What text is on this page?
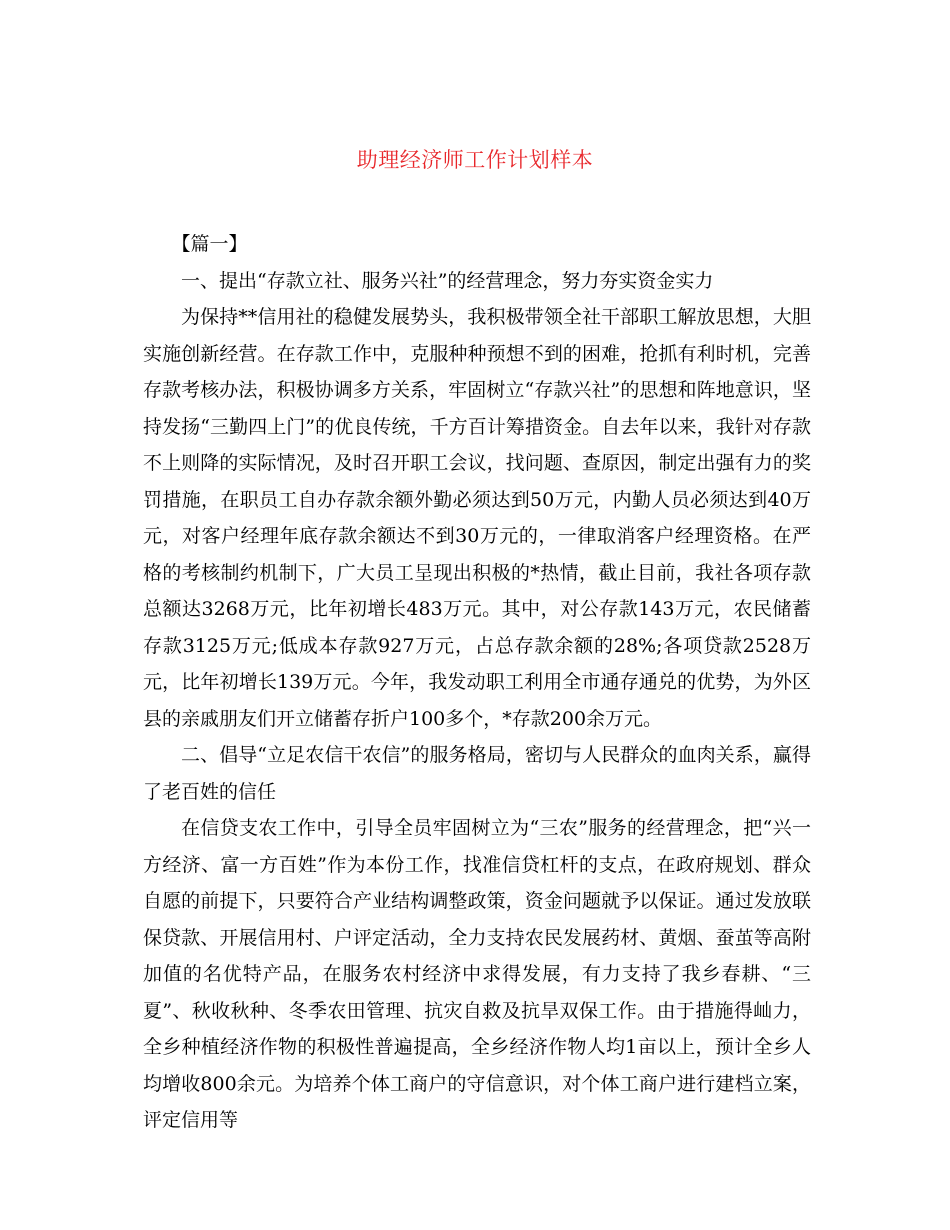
助理经济师工作计划样本

【篇一】

一、提出“存款立社、服务兴社”的经营理念，努力夯实资金实力

为保持**信用社的稳健发展势头，我积极带领全社干部职工解放思想，大胆实施创新经营。在存款工作中，克服种种预想不到的困难，抢抓有利时机，完善存款考核办法，积极协调多方关系，牢固树立“存款兴社”的思想和阵地意识，坚持发扬“三勤四上门”的优良传统，千方百计筹措资金。自去年以来，我针对存款不上则降的实际情况，及时召开职工会议，找问题、查原因，制定出强有力的奖罚措施，在职员工自办存款余额外勤必须达到50万元，内勤人员必须达到40万元，对客户经理年底存款余额达不到30万元的，一律取消客户经理资格。在严格的考核制约机制下，广大员工呈现出积极的*热情，截止目前，我社各项存款总额达3268万元，比年初增长483万元。其中，对公存款143万元，农民储蓄存款3125万元;低成本存款927万元，占总存款余额的28%;各项贷款2528万元，比年初增长139万元。今年，我发动职工利用全市通存通兑的优势，为外区县的亲戚朋友们开立储蓄存折户100多个，*存款200余万元。

二、倡导“立足农信干农信”的服务格局，密切与人民群众的血肉关系，赢得了老百姓的信任

在信贷支农工作中，引导全员牢固树立为“三农”服务的经营理念，把“兴一方经济、富一方百姓”作为本份工作，找准信贷杠杆的支点，在政府规划、群众自愿的前提下，只要符合产业结构调整政策，资金问题就予以保证。通过发放联保贷款、开展信用村、户评定活动，全力支持农民发展药材、黄烟、蚕茧等高附加值的名优特产品，在服务农村经济中求得发展，有力支持了我乡春耕、“三夏”、秋收秋种、冬季农田管理、抗灾自救及抗旱双保工作。由于措施得屾力，全乡种植经济作物的积极性普遍提高，全乡经济作物人均1亩以上，预计全乡人均增收800余元。为培养个体工商户的守信意识，对个体工商户进行建档立案，评定信用等
